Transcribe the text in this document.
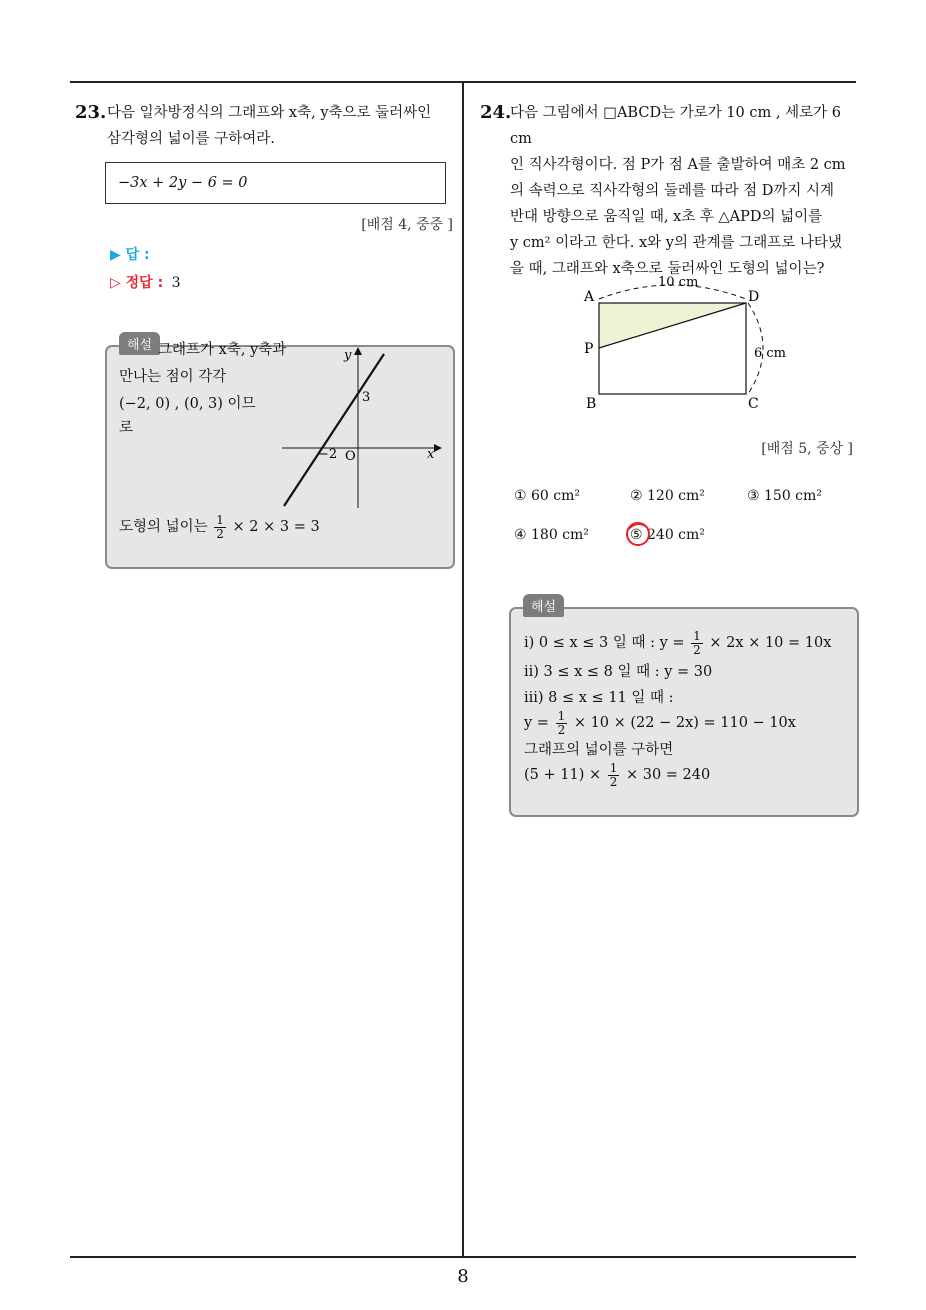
23. 다음 일차방정식의 그래프와 x축, y축으로 둘러싸인
삼각형의 넓이를 구하여라.
−3x + 2y − 6 = 0
[배점 4, 중중 ]
▶ 답 :
▷ 정답 : 3
해설 그래프가 x축, y축과
만나는 점이 각각
(−2, 0) , (0, 3) 이므
로
y
x
3
−2 O
도형의 넓이는 $\frac{1}{2} \times 2 \times 3 = 3$
24.
다음 그림에서 □ABCD는 가로가 10 cm , 세로가 6 cm
인 직사각형이다. 점 P가 점 A를 출발하여 매초 2 cm
의 속력으로 직사각형의 둘레를 따라 점 D까지 시계
반대 방향으로 움직일 때, x초 후 △APD의 넓이를
y cm² 이라고 한다. x와 y의 관계를 그래프로 나타냈
을 때, 그래프와 x축으로 둘러싸인 도형의 넓이는?
A	D
B	C
P
10 cm
6 cm
[배점 5, 중상 ]
① 60 cm²	② 120 cm²	③ 150 cm²
④ 180 cm²	⑤ 240 cm²
해설
ⅰ) 0 ≤ x ≤ 3 일 때 : $y = \frac{1}{2} \times 2x \times 10 = 10x$
ⅱ) 3 ≤ x ≤ 8 일 때 : y = 30
ⅲ) 8 ≤ x ≤ 11 일 때 :
$y = \frac{1}{2} \times 10 \times (22 - 2x) = 110 - 10x$
그래프의 넓이를 구하면
$(5 + 11) \times \frac{1}{2} \times 30 = 240$
8
